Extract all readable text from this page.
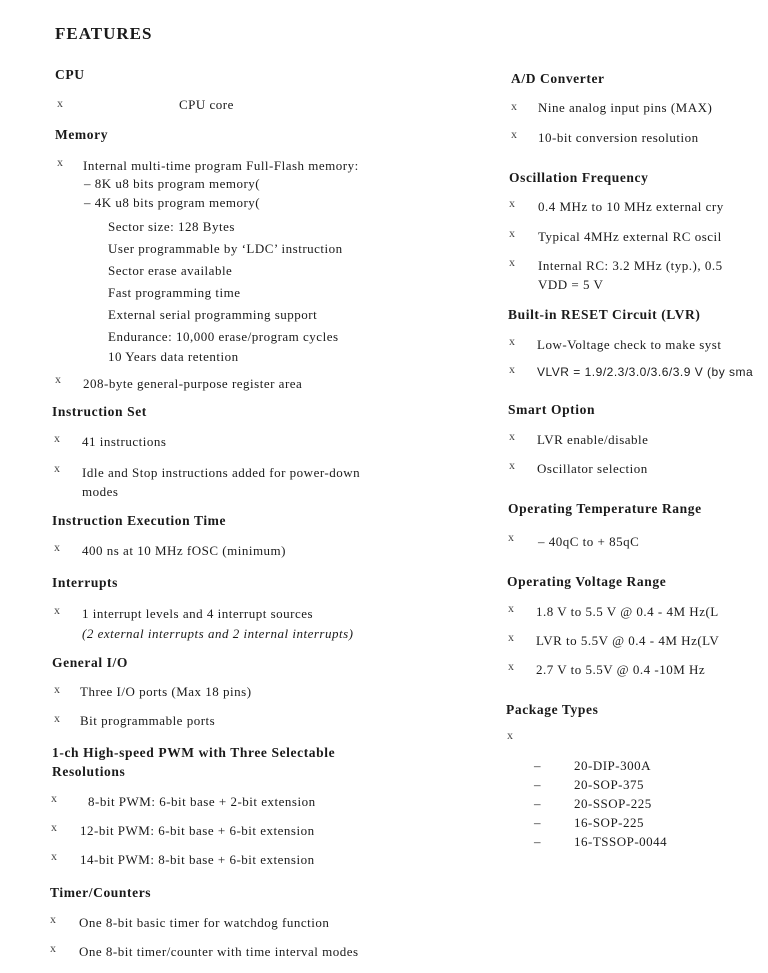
FEATURES
CPU
x	CPU core
Memory
x Internal multi-time program Full-Flash memory:
– 8K u8 bits program memory(
– 4K u8 bits program memory(
Sector size: 128 Bytes
User programmable by ‘LDC’ instruction
Sector erase available
Fast programming time
External serial programming support
Endurance: 10,000 erase/program cycles
10 Years data retention
x 208-byte general-purpose register area
Instruction Set
x 41 instructions
x Idle and Stop instructions added for power-down
modes
Instruction Execution Time
x 400 ns at 10 MHz fOSC (minimum)
Interrupts
x 1 interrupt levels and 4 interrupt sources
(2 external interrupts and 2 internal interrupts)
General I/O
x Three I/O ports (Max 18 pins)
x Bit programmable ports
1-ch High-speed PWM with Three Selectable
Resolutions
x 8-bit PWM: 6-bit base + 2-bit extension
x 12-bit PWM: 6-bit base + 6-bit extension
x 14-bit PWM: 8-bit base + 6-bit extension
Timer/Counters
x One 8-bit basic timer for watchdog function
x One 8-bit timer/counter with time interval modes
A/D Converter
x Nine analog input pins (MAX)
x 10-bit conversion resolution
Oscillation Frequency
x 0.4 MHz to 10 MHz external cry
x Typical 4MHz external RC oscil
x Internal RC: 3.2 MHz (typ.), 0.5
VDD = 5 V
Built-in RESET Circuit (LVR)
x Low-Voltage check to make syst
x VLVR = 1.9/2.3/3.0/3.6/3.9 V (by sma
Smart Option
x LVR enable/disable
x Oscillator selection
Operating Temperature Range
x – 40qC to + 85qC
Operating Voltage Range
x 1.8 V to 5.5 V @ 0.4 - 4M Hz(L
x LVR to 5.5V @ 0.4 - 4M Hz(LV
x 2.7 V to 5.5V @ 0.4 -10M Hz
Package Types
x
–	20-DIP-300A
–	20-SOP-375
–	20-SSOP-225
–	16-SOP-225
–	16-TSSOP-0044
